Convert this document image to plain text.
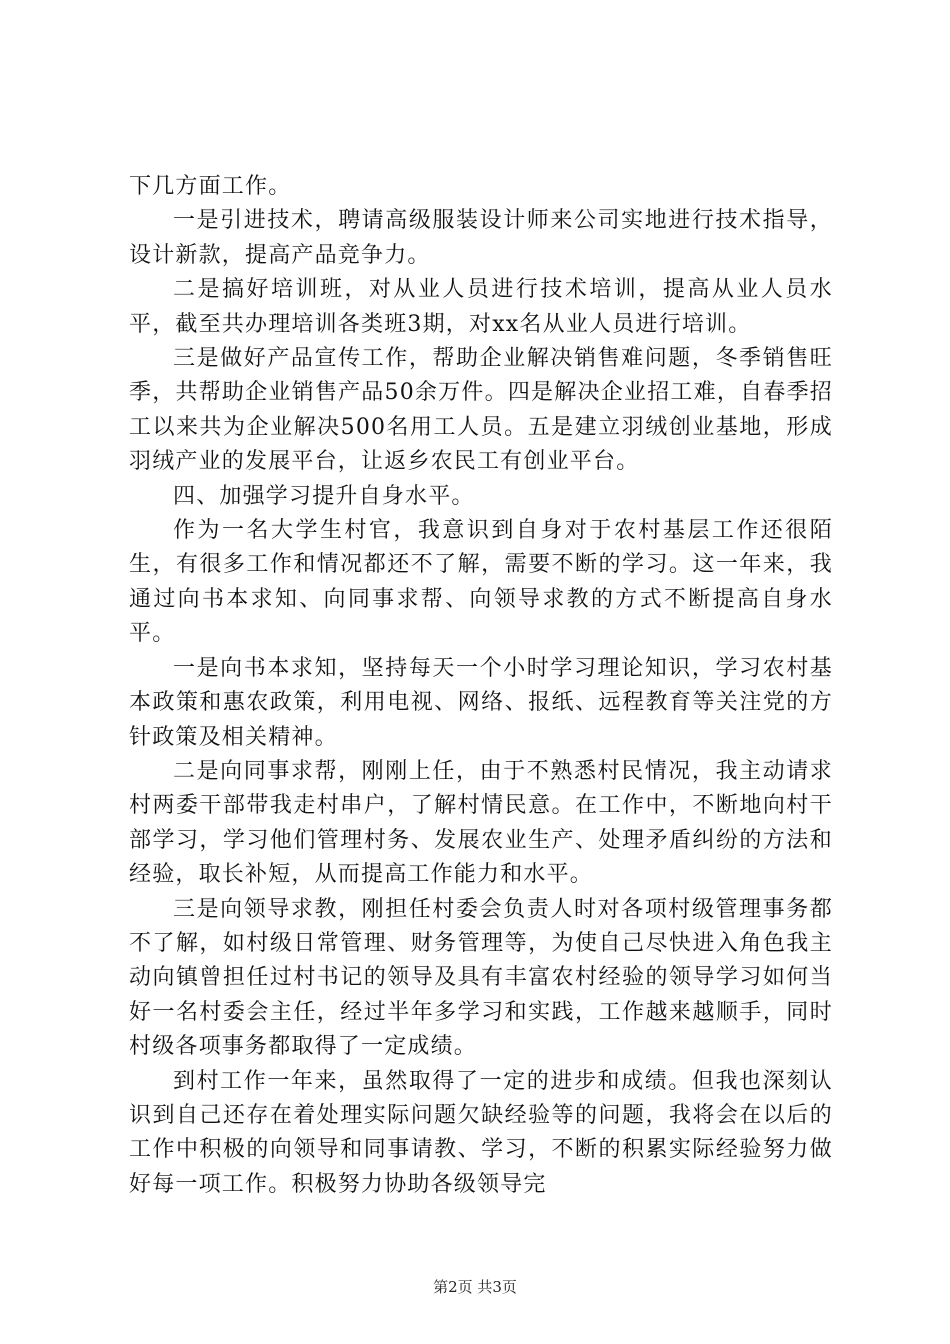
下几方面工作。

一是引进技术，聘请高级服装设计师来公司实地进行技术指导，设计新款，提高产品竞争力。

二是搞好培训班，对从业人员进行技术培训，提高从业人员水平，截至共办理培训各类班3期，对xx名从业人员进行培训。

三是做好产品宣传工作，帮助企业解决销售难问题，冬季销售旺季，共帮助企业销售产品50余万件。四是解决企业招工难，自春季招工以来共为企业解决500名用工人员。五是建立羽绒创业基地，形成羽绒产业的发展平台，让返乡农民工有创业平台。

四、加强学习提升自身水平。

作为一名大学生村官，我意识到自身对于农村基层工作还很陌生，有很多工作和情况都还不了解，需要不断的学习。这一年来，我通过向书本求知、向同事求帮、向领导求教的方式不断提高自身水平。

一是向书本求知，坚持每天一个小时学习理论知识，学习农村基本政策和惠农政策，利用电视、网络、报纸、远程教育等关注党的方针政策及相关精神。

二是向同事求帮，刚刚上任，由于不熟悉村民情况，我主动请求村两委干部带我走村串户，了解村情民意。在工作中，不断地向村干部学习，学习他们管理村务、发展农业生产、处理矛盾纠纷的方法和经验，取长补短，从而提高工作能力和水平。

三是向领导求教，刚担任村委会负责人时对各项村级管理事务都不了解，如村级日常管理、财务管理等，为使自己尽快进入角色我主动向镇曾担任过村书记的领导及具有丰富农村经验的领导学习如何当好一名村委会主任，经过半年多学习和实践，工作越来越顺手，同时村级各项事务都取得了一定成绩。

到村工作一年来，虽然取得了一定的进步和成绩。但我也深刻认识到自己还存在着处理实际问题欠缺经验等的问题，我将会在以后的工作中积极的向领导和同事请教、学习，不断的积累实际经验努力做好每一项工作。积极努力协助各级领导完

第2页 共3页
